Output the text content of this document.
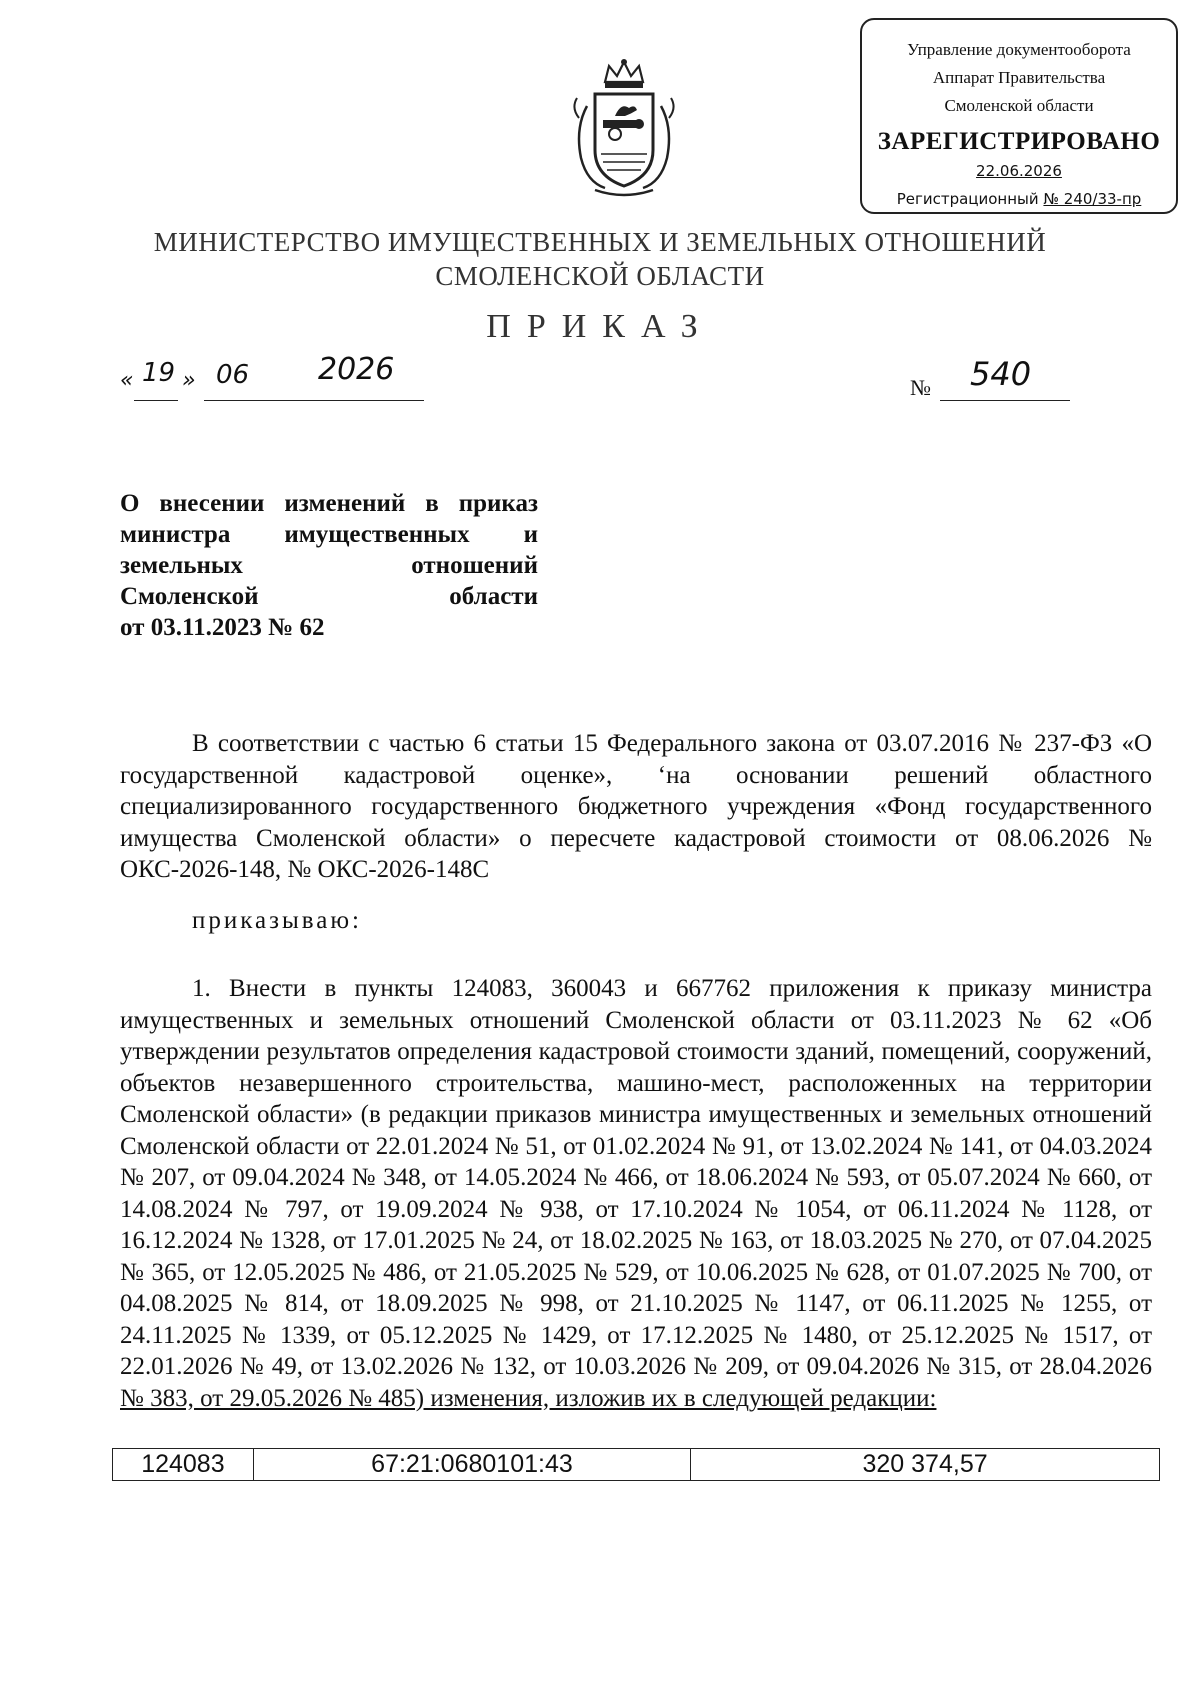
Управление документооборота
Аппарат Правительства
Смоленской области
ЗАРЕГИСТРИРОВАНО
22.06.2026
Регистрационный № 240/33-пр
МИНИСТЕРСТВО ИМУЩЕСТВЕННЫХ И ЗЕМЕЛЬНЫХ ОТНОШЕНИЙ
СМОЛЕНСКОЙ ОБЛАСТИ
ПРИКАЗ
« 19 » 06 2026
№ 540
О внесении изменений в приказ
министра имущественных и
земельных отношений
Смоленской области
от 03.11.2023 № 62
В соответствии с частью 6 статьи 15 Федерального закона от 03.07.2016 № 237-ФЗ «О государственной кадастровой оценке», ‘на основании решений областного специализированного государственного бюджетного учреждения «Фонд государственного имущества Смоленской области» о пересчете кадастровой стоимости от 08.06.2026 № ОКС-2026-148, № ОКС-2026-148С
приказываю:
1. Внести в пункты 124083, 360043 и 667762 приложения к приказу министра имущественных и земельных отношений Смоленской области от 03.11.2023 № 62 «Об утверждении результатов определения кадастровой стоимости зданий, помещений, сооружений, объектов незавершенного строительства, машино-мест, расположенных на территории Смоленской области» (в редакции приказов министра имущественных и земельных отношений Смоленской области от 22.01.2024 № 51, от 01.02.2024 № 91, от 13.02.2024 № 141, от 04.03.2024 № 207, от 09.04.2024 № 348, от 14.05.2024 № 466, от 18.06.2024 № 593, от 05.07.2024 № 660, от 14.08.2024 № 797, от 19.09.2024 № 938, от 17.10.2024 № 1054, от 06.11.2024 № 1128, от 16.12.2024 № 1328, от 17.01.2025 № 24, от 18.02.2025 № 163, от 18.03.2025 № 270, от 07.04.2025 № 365, от 12.05.2025 № 486, от 21.05.2025 № 529, от 10.06.2025 № 628, от 01.07.2025 № 700, от 04.08.2025 № 814, от 18.09.2025 № 998, от 21.10.2025 № 1147, от 06.11.2025 № 1255, от 24.11.2025 № 1339, от 05.12.2025 № 1429, от 17.12.2025 № 1480, от 25.12.2025 № 1517, от 22.01.2026 № 49, от 13.02.2026 № 132, от 10.03.2026 № 209, от 09.04.2026 № 315, от 28.04.2026 № 383, от 29.05.2026 № 485) изменения, изложив их в следующей редакции:
124083	67:21:0680101:43	320 374,57
